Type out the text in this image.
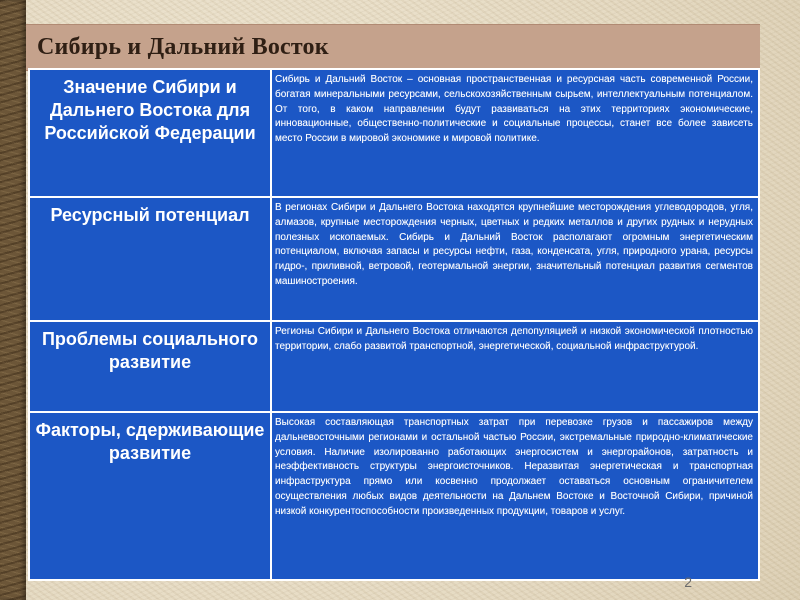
Сибирь и Дальний Восток
Значение Сибири и Дальнего Востока для Российской Федерации	Сибирь и Дальний Восток – основная пространственная и ресурсная часть современной России, богатая минеральными ресурсами, сельскохозяйственным сырьем, интеллектуальным потенциалом. От того, в каком направлении будут развиваться на этих территориях экономические, инновационные, общественно-политические и социальные процессы, станет все более зависеть место России в мировой экономике и мировой политике.
Ресурсный потенциал	В регионах Сибири и Дальнего Востока находятся крупнейшие месторождения углеводородов, угля, алмазов, крупные месторождения черных, цветных и редких металлов и других рудных и нерудных полезных ископаемых. Сибирь и Дальний Восток располагают огромным энергетическим потенциалом, включая запасы и ресурсы нефти, газа, конденсата, угля, природного урана, ресурсы гидро-, приливной, ветровой, геотермальной энергии, значительный потенциал развития сегментов машиностроения.
Проблемы социального развитие	Регионы Сибири и Дальнего Востока отличаются депопуляцией и низкой экономической плотностью территории, слабо развитой транспортной, энергетической, социальной инфраструктурой.
Факторы, сдерживающие развитие	Высокая составляющая транспортных затрат при перевозке грузов и пассажиров между дальневосточными регионами и остальной частью России, экстремальные природно-климатические условия. Наличие изолированно работающих энергосистем и энергорайонов, затратность и неэффективность структуры энергоисточников. Неразвитая энергетическая и транспортная инфраструктура прямо или косвенно продолжает оставаться основным ограничителем осуществления любых видов деятельности на Дальнем Востоке и Восточной Сибири, причиной низкой конкурентоспособности произведенных продукции, товаров и услуг.
2
